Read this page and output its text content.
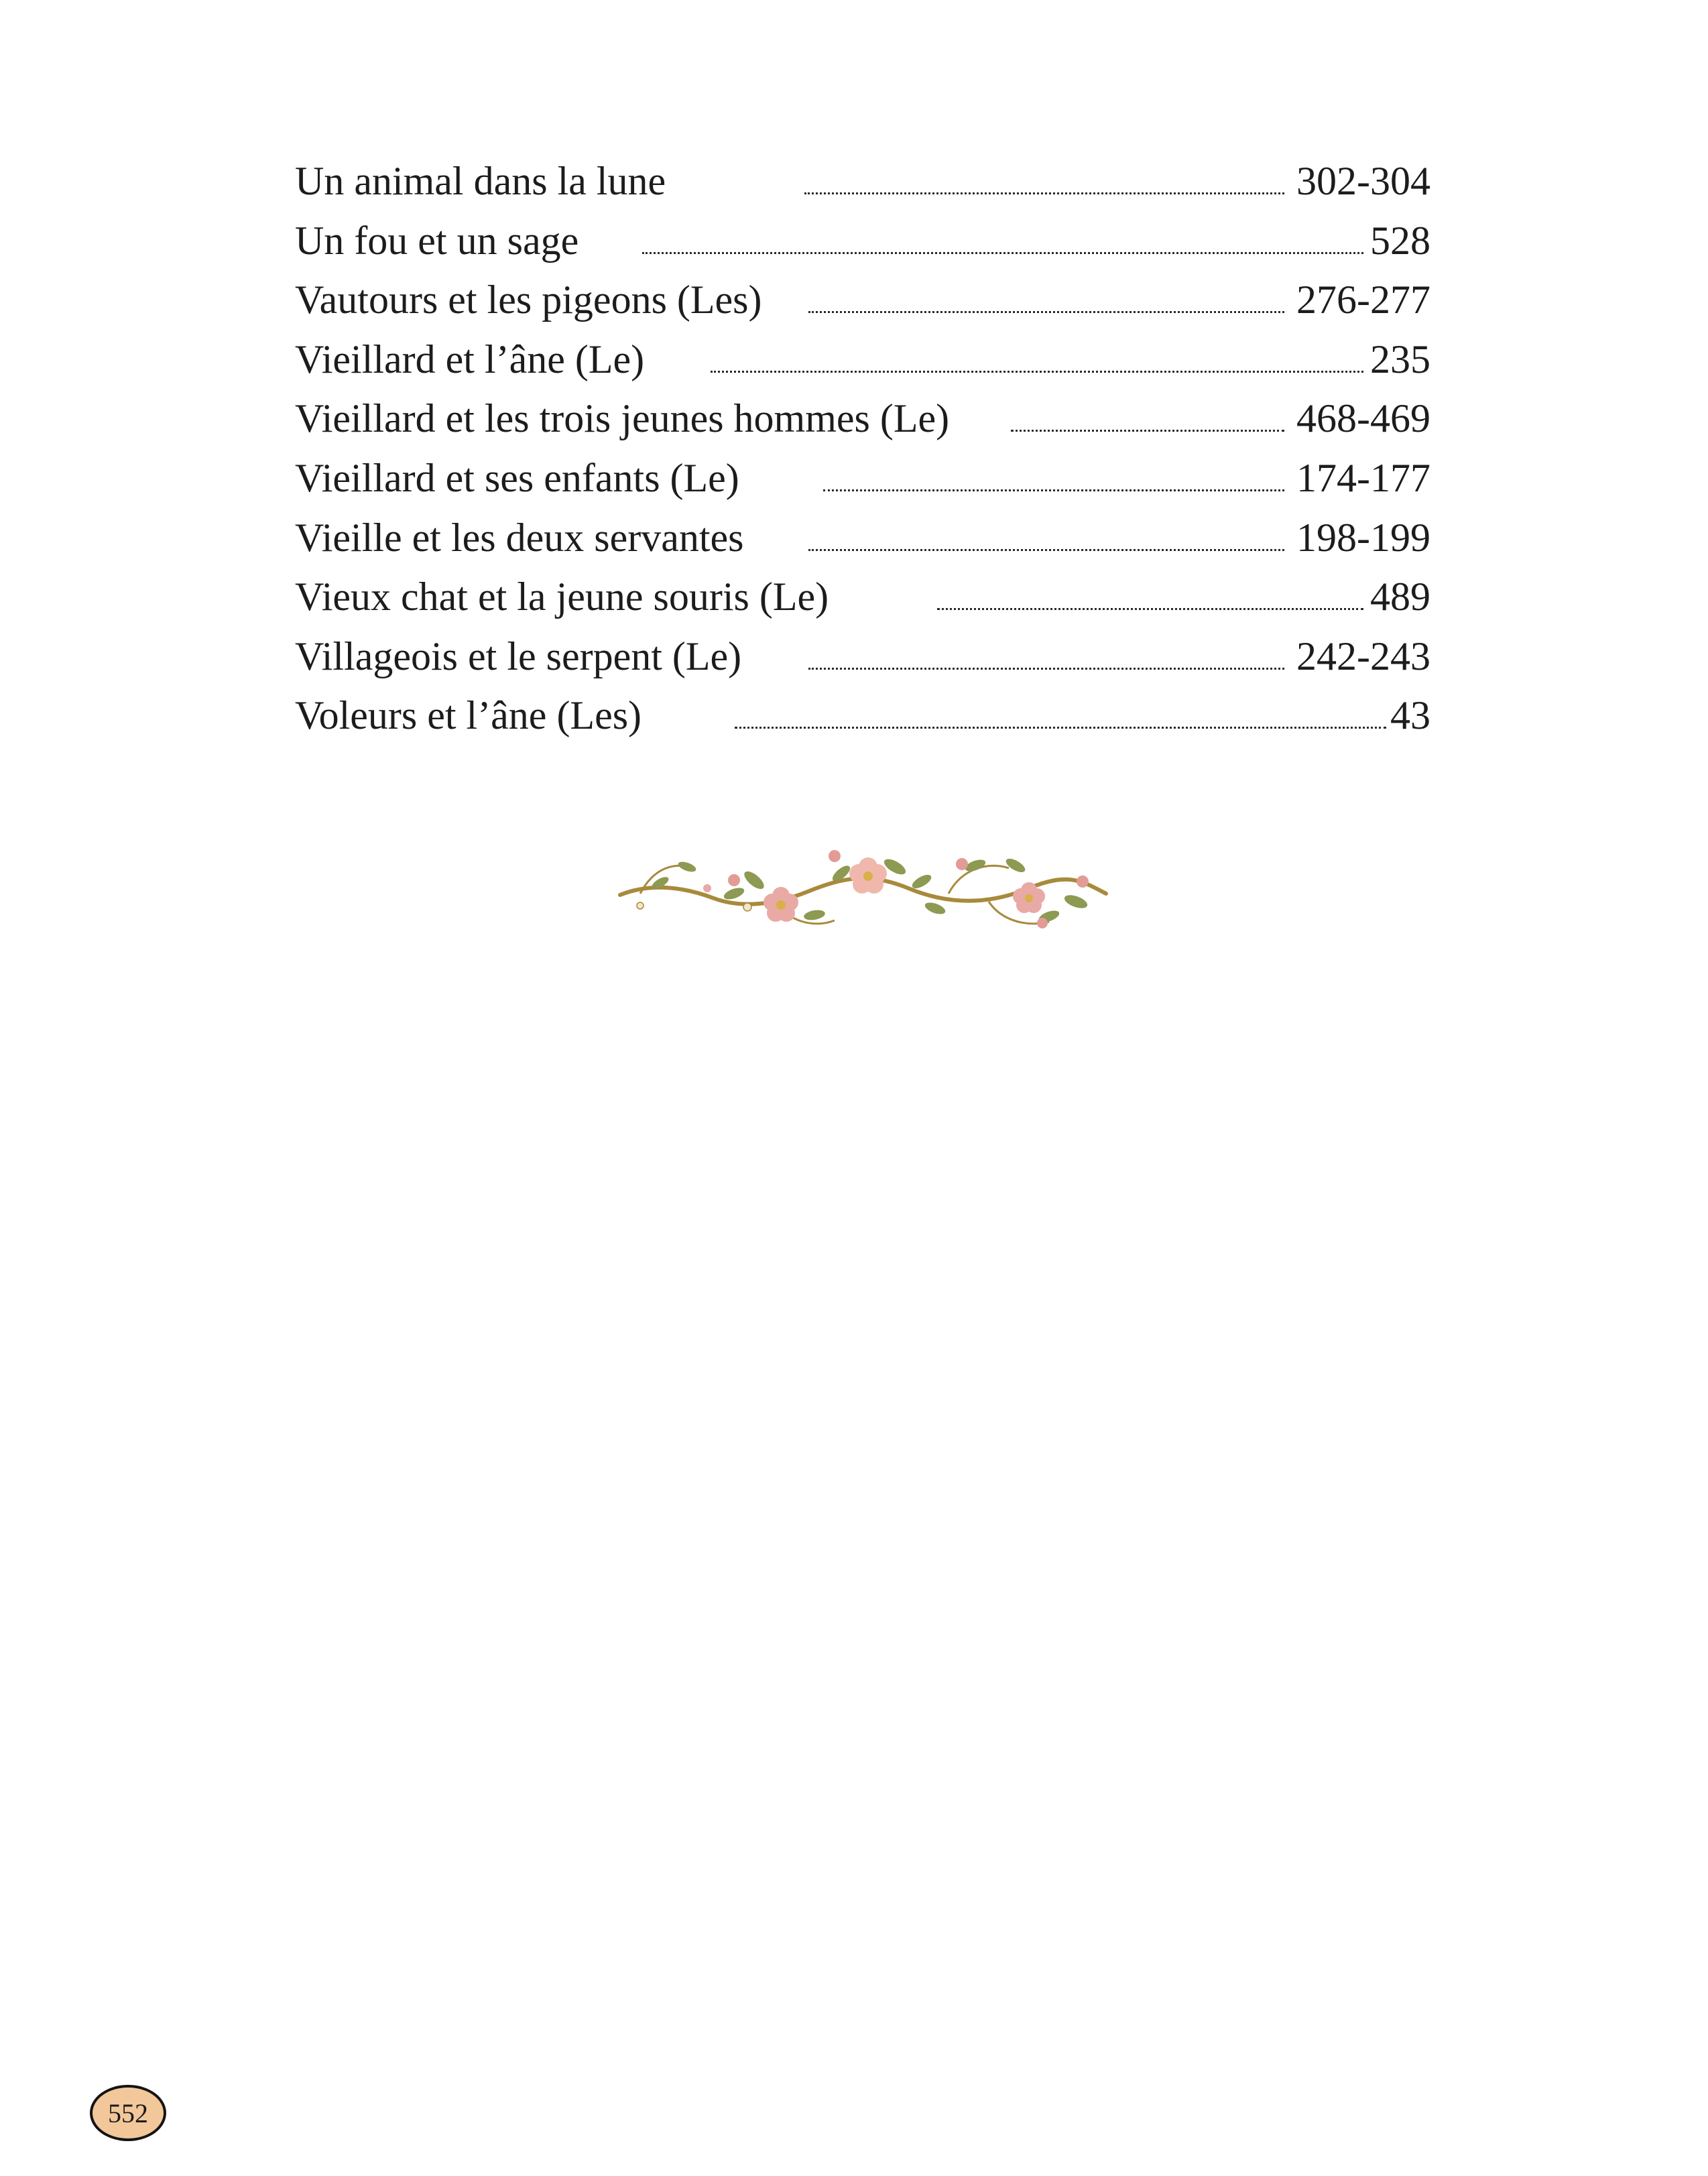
Un animal dans la lune	302-304
Un fou et un sage	528
Vautours et les pigeons (Les)	276-277
Vieillard et l’âne (Le)	235
Vieillard et les trois jeunes hommes (Le)	468-469
Vieillard et ses enfants (Le)	174-177
Vieille et les deux servantes	198-199
Vieux chat et la jeune souris (Le)	489
Villageois et le serpent (Le)	242-243
Voleurs et l’âne (Les)	43
552
